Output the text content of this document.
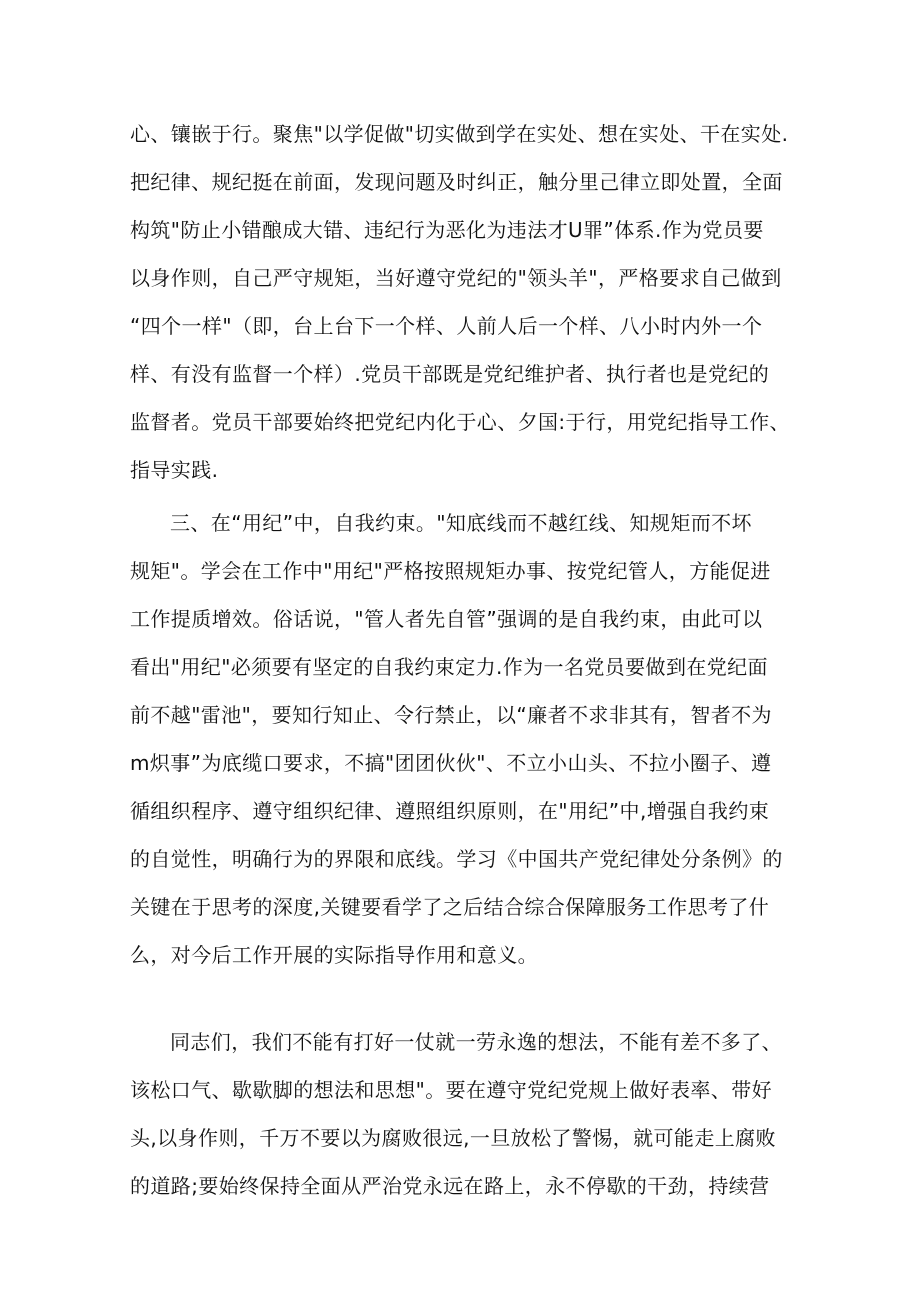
心、镶嵌于行。聚焦"以学促做"切实做到学在实处、想在实处、干在实处.
把纪律、规纪挺在前面，发现问题及时纠正，触分里己律立即处置，全面
构筑"防止小错酿成大错、违纪行为恶化为违法才U罪”体系.作为党员要
以身作则，自己严守规矩，当好遵守党纪的"领头羊"，严格要求自己做到
“四个一样"（即，台上台下一个样、人前人后一个样、八小时内外一个
样、有没有监督一个样）.党员干部既是党纪维护者、执行者也是党纪的
监督者。党员干部要始终把党纪内化于心、夕国:于行，用党纪指导工作、
指导实践.
三、在“用纪”中，自我约束。"知底线而不越红线、知规矩而不坏
规矩"。学会在工作中"用纪"严格按照规矩办事、按党纪管人，方能促进
工作提质增效。俗话说，"管人者先自管”强调的是自我约束，由此可以
看出"用纪"必须要有坚定的自我约束定力.作为一名党员要做到在党纪面
前不越"雷池"，要知行知止、令行禁止，以“廉者不求非其有，智者不为
m炽事”为底缆口要求，不搞"团团伙伙"、不立小山头、不拉小圈子、遵
循组织程序、遵守组织纪律、遵照组织原则，在"用纪”中,增强自我约束
的自觉性，明确行为的界限和底线。学习《中国共产党纪律处分条例》的
关键在于思考的深度,关键要看学了之后结合综合保障服务工作思考了什
么，对今后工作开展的实际指导作用和意义。
同志们，我们不能有打好一仗就一劳永逸的想法，不能有差不多了、
该松口气、歇歇脚的想法和思想"。要在遵守党纪党规上做好表率、带好
头,以身作则，千万不要以为腐败很远,一旦放松了警惕，就可能走上腐败
的道路;要始终保持全面从严治党永远在路上，永不停歇的干劲，持续营
